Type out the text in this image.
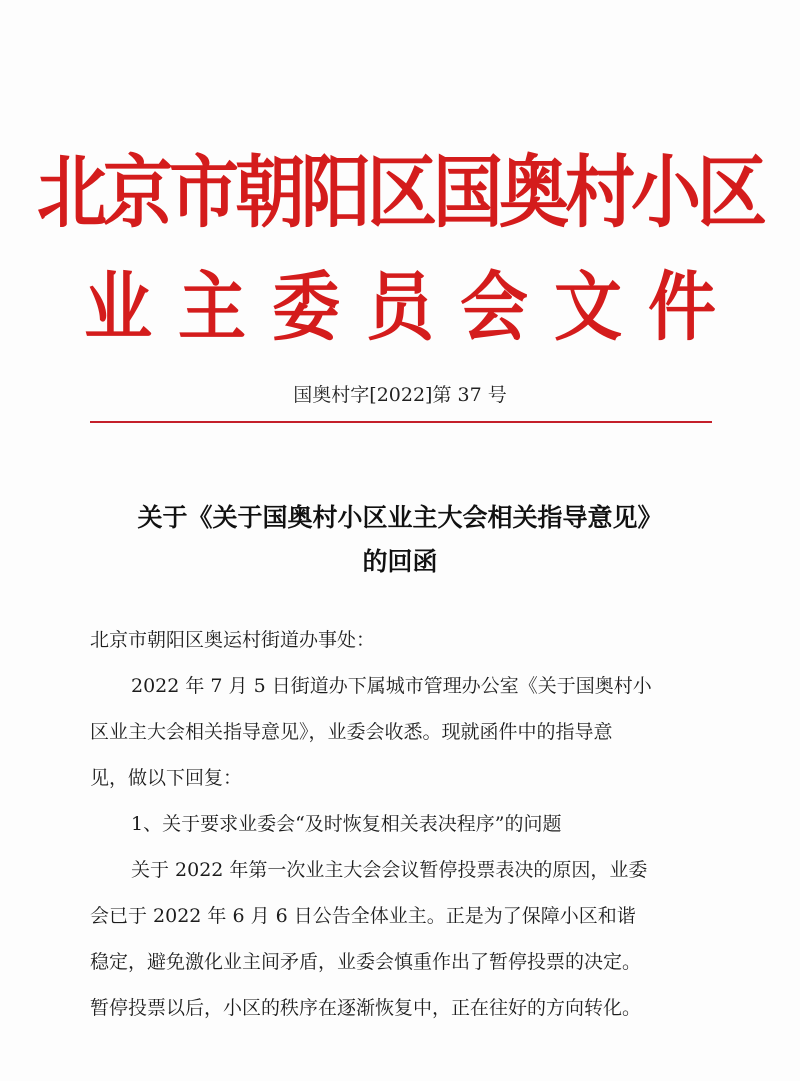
北京市朝阳区国奥村小区
业主委员会文件
国奥村字[2022]第 37 号
关于《关于国奥村小区业主大会相关指导意见》
的回函
北京市朝阳区奥运村街道办事处：
2022 年 7 月 5 日街道办下属城市管理办公室《关于国奥村小
区业主大会相关指导意见》，业委会收悉。现就函件中的指导意
见，做以下回复：
1、关于要求业委会“及时恢复相关表决程序”的问题
关于 2022 年第一次业主大会会议暂停投票表决的原因，业委
会已于 2022 年 6 月 6 日公告全体业主。正是为了保障小区和谐
稳定，避免激化业主间矛盾，业委会慎重作出了暂停投票的决定。
暂停投票以后，小区的秩序在逐渐恢复中，正在往好的方向转化。
